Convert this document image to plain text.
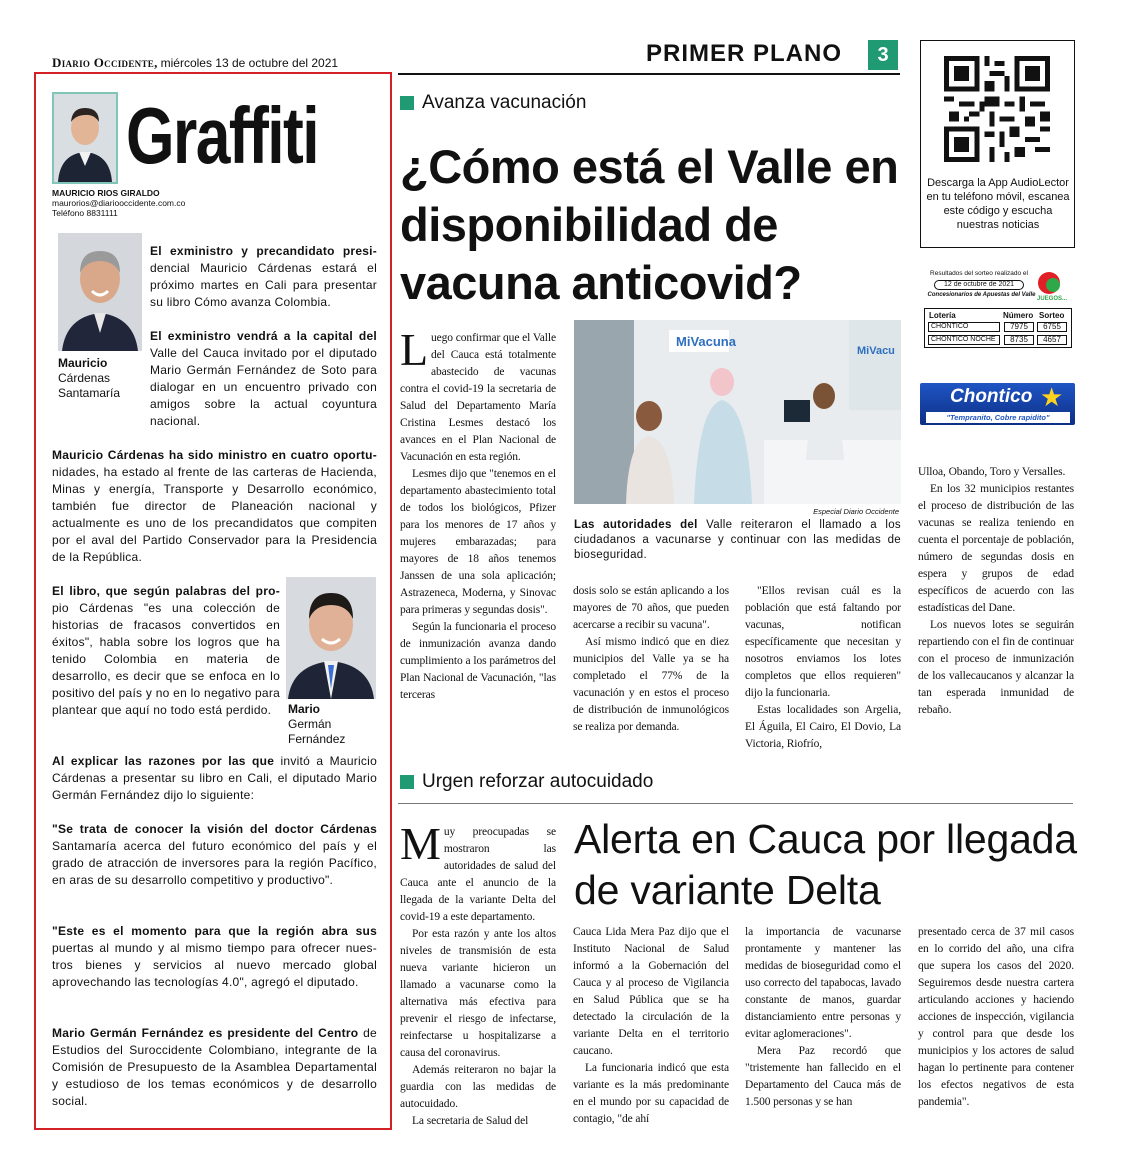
Diario Occidente, miércoles 13 de octubre del 2021	PRIMER PLANO	3
Graffiti
MAURICIO RIOS GIRALDO
maurorios@diariooccidente.com.co
Teléfono 8831111
Mauricio
Cárdenas
Santamaría
El exministro y precandidato presi- dencial Mauricio Cárdenas estará el próximo martes en Cali para presentar su libro Cómo avanza Colombia.
El exministro vendrá a la capital del Valle del Cauca invitado por el diputado Mario Germán Fernández de Soto para dialogar en un encuentro privado con amigos sobre la actual coyuntura nacional.
Mauricio Cárdenas ha sido ministro en cuatro oportu- nidades, ha estado al frente de las carteras de Hacienda, Minas y energía, Transporte y Desarrollo económico, también fue director de Planeación nacional y actualmente es uno de los precandidatos que compiten por el aval del Partido Conservador para la Presidencia de la República.
Mario
Germán
Fernández
El libro, que según palabras del pro- pio Cárdenas "es una colección de historias de fracasos convertidos en éxitos", habla sobre los logros que ha tenido Colombia en materia de desarrollo, es decir que se enfoca en lo positivo del país y no en lo negativo para plantear que aquí no todo está perdido.
Al explicar las razones por las que invitó a Mauricio Cárdenas a presentar su libro en Cali, el diputado Mario Germán Fernández dijo lo siguiente:
"Se trata de conocer la visión del doctor Cárdenas Santamaría acerca del futuro económico del país y el grado de atracción de inversores para la región Pacífico, en aras de su desarrollo competitivo y productivo".
"Este es el momento para que la región abra sus puertas al mundo y al mismo tiempo para ofrecer nues-tros bienes y servicios al nuevo mercado global aprovechando las tecnologías 4.0", agregó el diputado.
Mario Germán Fernández es presidente del Centro de Estudios del Suroccidente Colombiano, integrante de la Comisión de Presupuesto de la Asamblea Departamental y estudioso de los temas económicos y de desarrollo social.
Avanza vacunación
¿Cómo está el Valle en disponibilidad de vacuna anticovid?
MiVacuna
MiVacu
Especial Diario Occidente
Las autoridades del Valle reiteraron el llamado a los ciudadanos a vacunarse y continuar con las medidas de bioseguridad.

Luego confirmar que el Valle del Cauca está totalmente abastecido de vacunas contra el covid-19 la secretaria de Salud del Departamento María Cristina Lesmes destacó los avances en el Plan Nacional de Vacunación en esta región.

Lesmes dijo que "tenemos en el departamento abastecimiento total de todos los biológicos, Pfizer para los menores de 17 años y mujeres embarazadas; para mayores de 18 años tenemos Janssen de una sola aplicación; Astrazeneca, Moderna, y Sinovac para primeras y segundas dosis".

Según la funcionaria el proceso de inmunización avanza dando cumplimiento a los parámetros del Plan Nacional de Vacunación, "las terceras

dosis solo se están aplicando a los mayores de 70 años, que pueden acercarse a recibir su vacuna".

Así mismo indicó que en diez municipios del Valle ya se ha completado el 77% de la vacunación y en estos el proceso de distribución de inmunológicos se realiza por demanda.

"Ellos revisan cuál es la población que está faltando por vacunas, notifican específicamente que necesitan y nosotros enviamos los lotes completos que ellos requieren" dijo la funcionaria.

Estas localidades son Argelia, El Águila, El Cairo, El Dovio, La Victoria, Riofrío,

Ulloa, Obando, Toro y Versalles.

En los 32 municipios restantes el proceso de distribución de las vacunas se realiza teniendo en cuenta el porcentaje de población, número de segundas dosis en espera y grupos de edad específicos de acuerdo con las estadísticas del Dane.

Los nuevos lotes se seguirán repartiendo con el fin de continuar con el proceso de inmunización de los vallecaucanos y alcanzar la tan esperada inmunidad de rebaño.

Descarga la App AudioLector en tu teléfono móvil, escanea este código y escucha nuestras noticias
Resultados del sorteo realizado el
12 de octubre de 2021
Concesionarios de Apuestas del Valle
JUEGOS...
Lotería	Número Sorteo
CHONTICO	7975	6755
CHONTICO NOCHE	8735	4657
★
Chontico
"Tempranito, Cobre rapidito"
Urgen reforzar autocuidado
Alerta en Cauca por llegada de variante Delta

Muy preocupadas se mostraron las autoridades de salud del Cauca ante el anuncio de la llegada de la variante Delta del covid-19 a este departamento.

Por esta razón y ante los altos niveles de transmisión de esta nueva variante hicieron un llamado a vacunarse como la alternativa más efectiva para prevenir el riesgo de infectarse, reinfectarse u hospitalizarse a causa del coronavirus.

Además reiteraron no bajar la guardia con las medidas de autocuidado.

La secretaria de Salud del

Cauca Lida Mera Paz dijo que el Instituto Nacional de Salud informó a la Gobernación del Cauca y al proceso de Vigilancia en Salud Pública que se ha detectado la circulación de la variante Delta en el territorio caucano.

La funcionaria indicó que esta variante es la más predominante en el mundo por su capacidad de contagio, "de ahí

la importancia de vacunarse prontamente y mantener las medidas de bioseguridad como el uso correcto del tapabocas, lavado constante de manos, guardar distanciamiento entre personas y evitar aglomeraciones".

Mera Paz recordó que "tristemente han fallecido en el Departamento del Cauca más de 1.500 personas y se han

presentado cerca de 37 mil casos en lo corrido del año, una cifra que supera los casos del 2020. Seguiremos desde nuestra cartera articulando acciones y haciendo acciones de inspección, vigilancia y control para que desde los municipios y los actores de salud hagan lo pertinente para contener los efectos negativos de esta pandemia".
